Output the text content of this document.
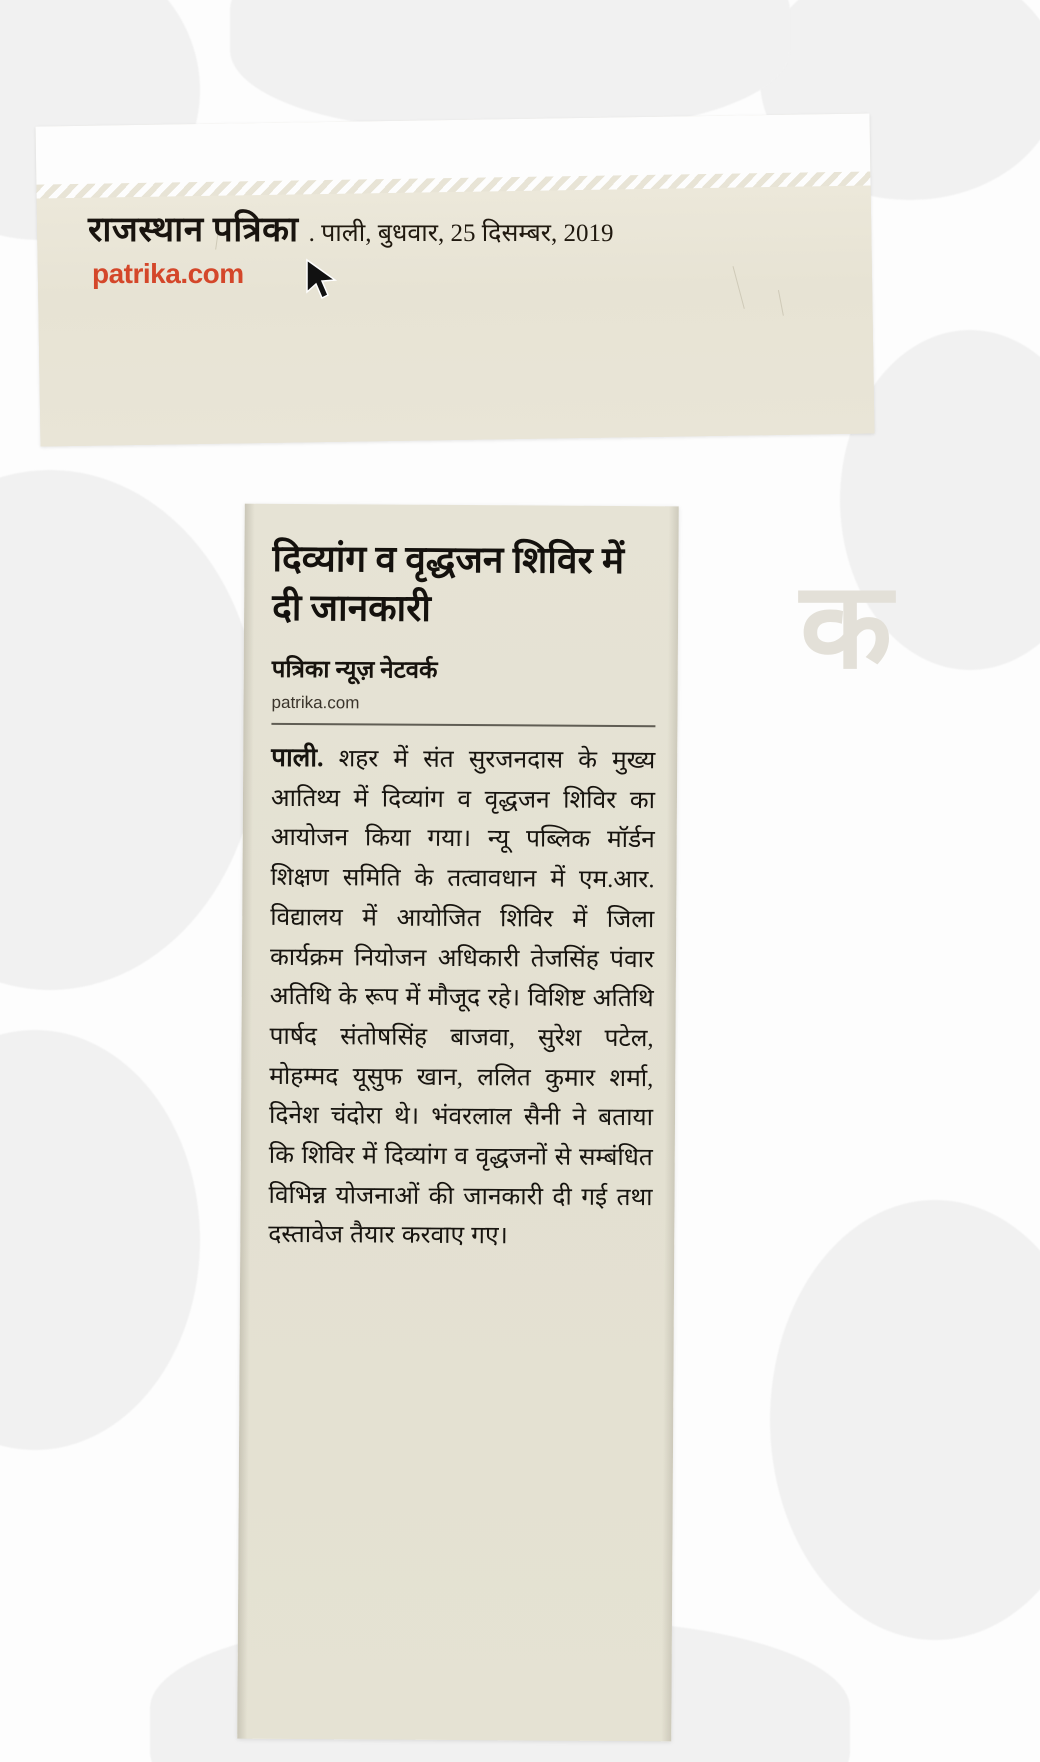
क
राजस्थान पत्रिका . पाली, बुधवार, 25 दिसम्बर, 2019
patrika.com
दिव्यांग व वृद्धजन शिविर में दी जानकारी
पत्रिका न्यूज़ नेटवर्क
patrika.com
पाली. शहर में संत सुरजनदास के मुख्य आतिथ्य में दिव्यांग व वृद्धजन शिविर का आयोजन किया गया। न्यू पब्लिक मॉर्डन शिक्षण समिति के तत्वावधान में एम.आर. विद्यालय में आयोजित शिविर में जिला कार्यक्रम नियोजन अधिकारी तेजसिंह पंवार अतिथि के रूप में मौजूद रहे। विशिष्ट अतिथि पार्षद संतोषसिंह बाजवा, सुरेश पटेल, मोहम्मद यूसुफ खान, ललित कुमार शर्मा, दिनेश चंदोरा थे। भंवरलाल सैनी ने बताया कि शिविर में दिव्यांग व वृद्धजनों से सम्बंधित विभिन्न योजनाओं की जानकारी दी गई तथा दस्तावेज तैयार करवाए गए।
